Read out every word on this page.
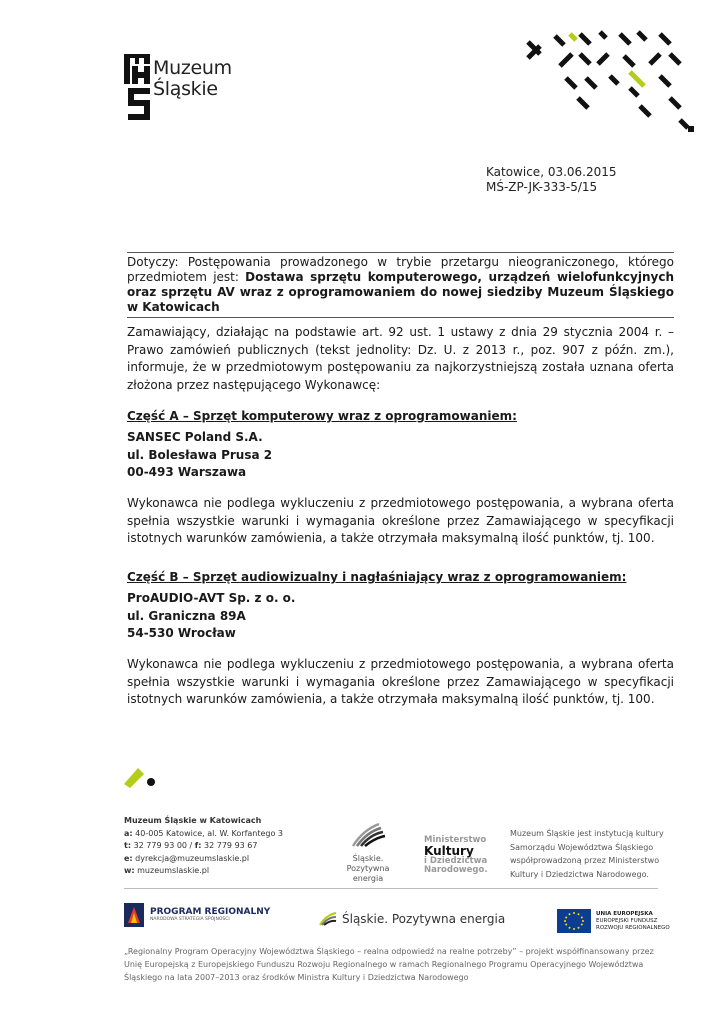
Muzeum
Śląskie
Katowice, 03.06.2015
MŚ-ZP-JK-333-5/15
Dotyczy: Postępowania prowadzonego w trybie przetargu nieograniczonego, którego przedmiotem jest: Dostawa sprzętu komputerowego, urządzeń wielofunkcyjnych oraz sprzętu AV wraz z oprogramowaniem do nowej siedziby Muzeum Śląskiego w Katowicach
Zamawiający, działając na podstawie art. 92 ust. 1 ustawy z dnia 29 stycznia 2004 r. – Prawo zamówień publicznych (tekst jednolity: Dz. U. z 2013 r., poz. 907 z późn. zm.), informuje, że w przedmiotowym postępowaniu za najkorzystniejszą została uznana oferta złożona przez następującego Wykonawcę:
Część A – Sprzęt komputerowy wraz z oprogramowaniem:
SANSEC Poland S.A.
ul. Bolesława Prusa 2
00-493 Warszawa
Wykonawca nie podlega wykluczeniu z przedmiotowego postępowania, a wybrana oferta spełnia wszystkie warunki i wymagania określone przez Zamawiającego w specyfikacji istotnych warunków zamówienia, a także otrzymała maksymalną ilość punktów, tj. 100.
Część B – Sprzęt audiowizualny i nagłaśniający wraz z oprogramowaniem:
ProAUDIO-AVT Sp. z o. o.
ul. Graniczna 89A
54-530 Wrocław
Wykonawca nie podlega wykluczeniu z przedmiotowego postępowania, a wybrana oferta spełnia wszystkie warunki i wymagania określone przez Zamawiającego w specyfikacji istotnych warunków zamówienia, a także otrzymała maksymalną ilość punktów, tj. 100.
Muzeum Śląskie w Katowicach
a: 40-005 Katowice, al. W. Korfantego 3
t: 32 779 93 00 / f: 32 779 93 67
e: dyrekcja@muzeumslaskie.pl
w: muzeumslaskie.pl
Śląskie.
Pozytywna energia
Ministerstwo
Kultury
i Dziedzictwa
Narodowego.
Muzeum Śląskie jest instytucją kultury Samorządu Województwa Śląskiego współprowadzoną przez Ministerstwo Kultury i Dziedzictwa Narodowego.
PROGRAM REGIONALNY
NARODOWA STRATEGIA SPÓJNOŚCI	Śląskie. Pozytywna energia	UNIA EUROPEJSKA
EUROPEJSKI FUNDUSZ
ROZWOJU REGIONALNEGO
„Regionalny Program Operacyjny Województwa Śląskiego – realna odpowiedź na realne potrzeby” – projekt współfinansowany przez Unię Europejską z Europejskiego Funduszu Rozwoju Regionalnego w ramach Regionalnego Programu Operacyjnego Województwa Śląskiego na lata 2007–2013 oraz środków Ministra Kultury i Dziedzictwa Narodowego
